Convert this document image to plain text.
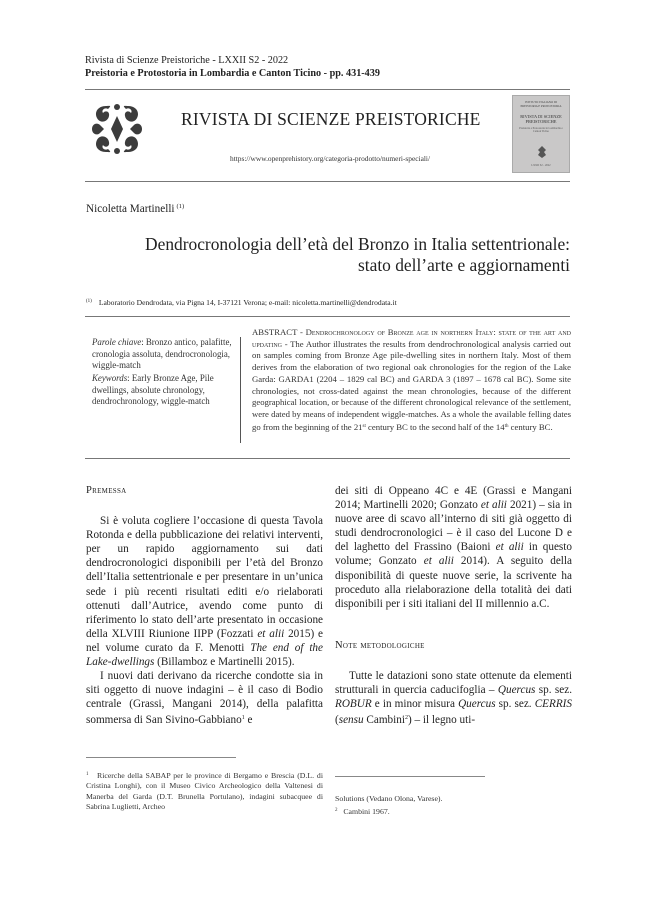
Rivista di Scienze Preistoriche - LXXII S2 - 2022
Preistoria e Protostoria in Lombardia e Canton Ticino - pp. 431-439
RIVISTA DI SCIENZE PREISTORICHE
https://www.openprehistory.org/categoria-prodotto/numeri-speciali/
ISTITUTO ITALIANO DI PREISTORIA E PROTOSTORIA
RIVISTA DI SCIENZE PREISTORICHE
Preistoria e Protostoria in Lombardia e Canton Ticino
LXXII S2 - 2022
Nicoletta Martinelli $^{(1)}$
Dendrocronologia dell’età del Bronzo in Italia settentrionale:
stato dell’arte e aggiornamenti
$^{(1)}$ Laboratorio Dendrodata, via Pigna 14, I-37121 Verona; e-mail: nicoletta.martinelli@dendrodata.it
Parole chiave: Bronzo antico, palafitte, cronologia assoluta, dendrocronologia, wiggle-match
Keywords: Early Bronze Age, Pile dwellings, absolute chronology, dendrochronology, wiggle-match
ABSTRACT - Dendrochronology of Bronze age in northern Italy: state of the art and updating - The Author illustrates the results from dendrochronological analysis carried out on samples coming from Bronze Age pile-dwelling sites in northern Italy. Most of them derives from the elaboration of two regional oak chronologies for the region of the Lake Garda: GARDA1 (2204 – 1829 cal BC) and GARDA 3 (1897 – 1678 cal BC). Some site chronologies, not cross-dated against the mean chronologies, because of the different geographical location, or because of the different chronological relevance of the settlement, were dated by means of independent wiggle-matches. As a whole the available felling dates go from the beginning of the 21st century BC to the second half of the 14th century BC.
Premessa

Si è voluta cogliere l’occasione di questa Tavola Rotonda e della pubblicazione dei relativi interventi, per un rapido aggiornamento sui dati dendrocronologici disponibili per l’età del Bronzo dell’Italia settentrionale e per presentare in un’unica sede i più recenti risultati editi e/o rielaborati ottenuti dall’Autrice, avendo come punto di riferimento lo stato dell’arte presentato in occasione della XLVIII Riunione IIPP (Fozzati et alii 2015) e nel volume curato da F. Menotti The end of the Lake-dwellings (Billamboz e Martinelli 2015).

I nuovi dati derivano da ricerche condotte sia in siti oggetto di nuove indagini – è il caso di Bodio centrale (Grassi, Mangani 2014), della palafitta sommersa di San Sivino-Gabbiano$^1$ e

dei siti di Oppeano 4C e 4E (Grassi e Mangani 2014; Martinelli 2020; Gonzato et alii 2021) – sia in nuove aree di scavo all’interno di siti già oggetto di studi dendrocronologici – è il caso del Lucone D e del laghetto del Frassino (Baioni et alii in questo volume; Gonzato et alii 2014). A seguito della disponibilità di queste nuove serie, la scrivente ha proceduto alla rielaborazione della totalità dei dati disponibili per i siti italiani del II millennio a.C.

Note metodologiche

Tutte le datazioni sono state ottenute da elementi strutturali in quercia caducifoglia – Quercus sp. sez. ROBUR e in minor misura Quercus sp. sez. CERRIS (sensu Cambini$^2$) – il legno uti-

$^1$ Ricerche della SABAP per le province di Bergamo e Brescia (D.L. di Cristina Longhi), con il Museo Civico Archeologico della Valtenesi di Manerba del Garda (D.T. Brunella Portulano), indagini subacquee di Sabrina Luglietti, Archeo
Solutions (Vedano Olona, Varese).
$^2$ Cambini 1967.
